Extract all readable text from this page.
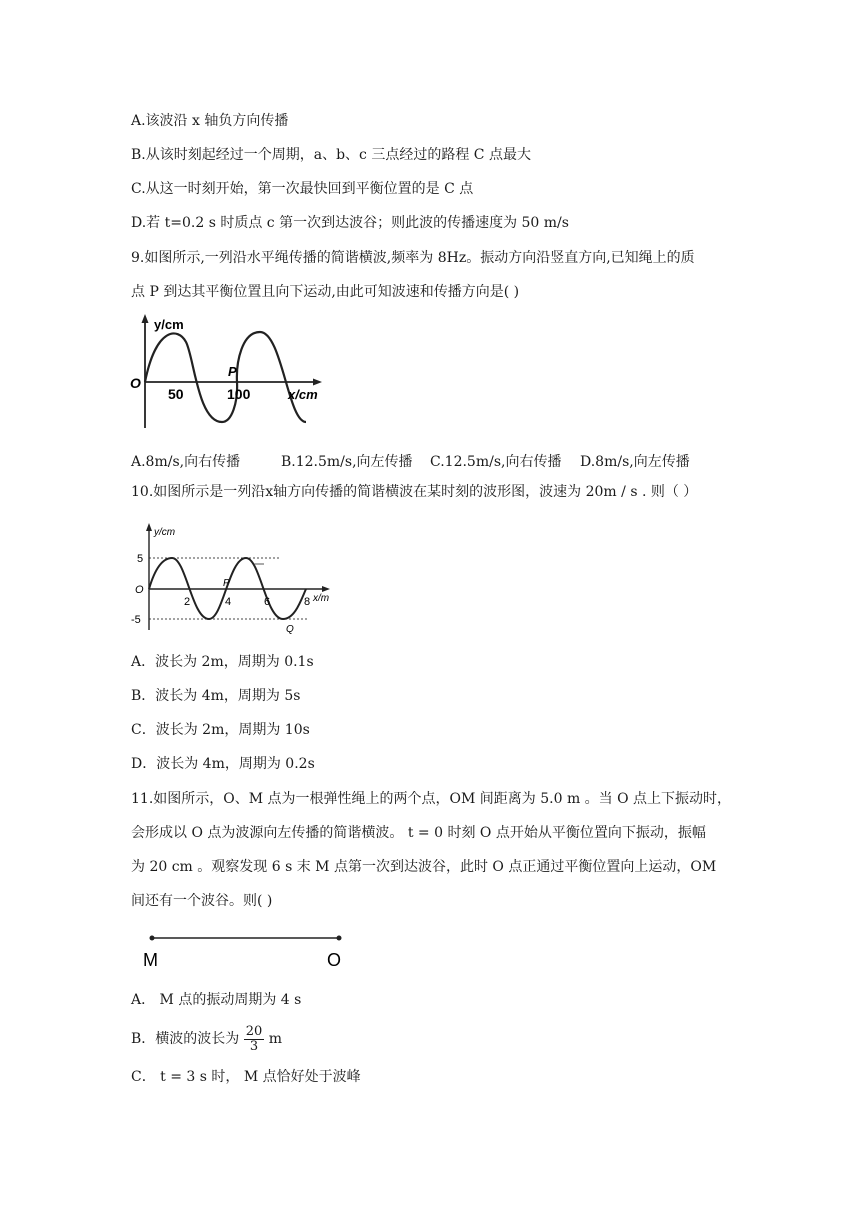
A.该波沿 x 轴负方向传播
B.从该时刻起经过一个周期，a、b、c 三点经过的路程 C 点最大
C.从这一时刻开始，第一次最快回到平衡位置的是 C 点
D.若 t=0.2 s 时质点 c 第一次到达波谷；则此波的传播速度为 50 m/s
9.如图所示,一列沿水平绳传播的简谐横波,频率为 8Hz。振动方向沿竖直方向,已知绳上的质
点 P 到达其平衡位置且向下运动,由此可知波速和传播方向是( )
y/cm
O
50
P
100	x/cm
A.8m/s,向右传播	B.12.5m/s,向左传播 C.12.5m/s,向右传播 D.8m/s,向左传播
10.如图所示是一列沿x轴方向传播的简谐横波在某时刻的波形图，波速为 20m / s . 则（ ）
y/cm
5
O
-5
2
P
4	6	8 x/m
Q
A．波长为 2m，周期为 0.1s
B．波长为 4m，周期为 5s
C．波长为 2m，周期为 10s
D．波长为 4m，周期为 0.2s
11.如图所示，O、M 点为一根弹性绳上的两个点，OM 间距离为 5.0 m 。当 O 点上下振动时，
会形成以 O 点为波源向左传播的简谐横波。 t = 0 时刻 O 点开始从平衡位置向下振动，振幅
为 20 cm 。观察发现 6 s 末 M 点第一次到达波谷，此时 O 点正通过平衡位置向上运动，OM
间还有一个波谷。则( )
M	O
A． M 点的振动周期为 4 s
B．横波的波长为 $\frac{20}{3}$ m
C． t = 3 s 时， M 点恰好处于波峰
